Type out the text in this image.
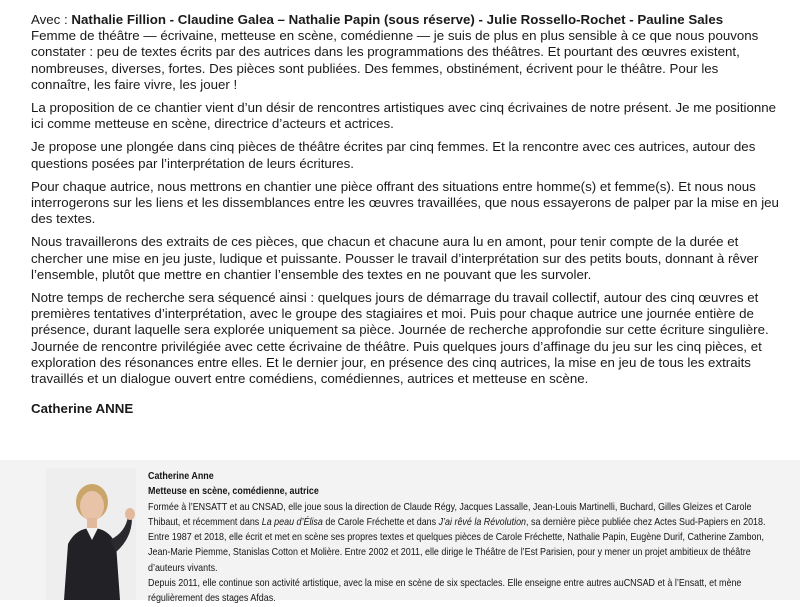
Avec : Nathalie Fillion - Claudine Galea – Nathalie Papin (sous réserve) - Julie Rossello-Rochet - Pauline Sales

Femme de théâtre — écrivaine, metteuse en scène, comédienne — je suis de plus en plus sensible à ce que nous pouvons constater : peu de textes écrits par des autrices dans les programmations des théâtres. Et pourtant des œuvres existent, nombreuses, diverses, fortes. Des pièces sont publiées. Des femmes, obstinément, écrivent pour le théâtre. Pour les connaître, les faire vivre, les jouer !

La proposition de ce chantier vient d’un désir de rencontres artistiques avec cinq écrivaines de notre présent. Je me positionne ici comme metteuse en scène, directrice d’acteurs et actrices.

Je propose une plongée dans cinq pièces de théâtre écrites par cinq femmes. Et la rencontre avec ces autrices, autour des questions posées par l’interprétation de leurs écritures.

Pour chaque autrice, nous mettrons en chantier une pièce offrant des situations entre homme(s) et femme(s). Et nous nous interrogerons sur les liens et les dissemblances entre les œuvres travaillées, que nous essayerons de palper par la mise en jeu des textes.

Nous travaillerons des extraits de ces pièces, que chacun et chacune aura lu en amont, pour tenir compte de la durée et chercher une mise en jeu juste, ludique et puissante. Pousser le travail d’interprétation sur des petits bouts, donnant à rêver l’ensemble, plutôt que mettre en chantier l’ensemble des textes en ne pouvant que les survoler.

Notre temps de recherche sera séquencé ainsi : quelques jours de démarrage du travail collectif, autour des cinq œuvres et premières tentatives d’interprétation, avec le groupe des stagiaires et moi. Puis pour chaque autrice une journée entière de présence, durant laquelle sera explorée uniquement sa pièce. Journée de recherche approfondie sur cette écriture singulière. Journée de rencontre privilégiée avec cette écrivaine de théâtre. Puis quelques jours d’affinage du jeu sur les cinq pièces, et exploration des résonances entre elles. Et le dernier jour, en présence des cinq autrices, la mise en jeu de tous les extraits travaillés et un dialogue ouvert entre comédiens, comédiennes, autrices et metteuse en scène.

Catherine ANNE

Catherine Anne
Metteuse en scène, comédienne, autrice

Formée à l’ENSATT et au CNSAD, elle joue sous la direction de Claude Régy, Jacques Lassalle, Jean-Louis Martinelli, Buchard, Gilles Gleizes et Carole Thibaut, et récemment dans La peau d’Élisa de Carole Fréchette et dans J’ai rêvé la Révolution, sa dernière pièce publiée chez Actes Sud-Papiers en 2018. Entre 1987 et 2018, elle écrit et met en scène ses propres textes et quelques pièces de Carole Fréchette, Nathalie Papin, Eugène Durif, Catherine Zambon, Jean-Marie Piemme, Stanislas Cotton et Molière. Entre 2002 et 2011, elle dirige le Théâtre de l’Est Parisien, pour y mener un projet ambitieux de théâtre d’auteurs vivants.

Depuis 2011, elle continue son activité artistique, avec la mise en scène de six spectacles. Elle enseigne entre autres auCNSAD et à l’Ensatt, et mène régulièrement des stages Afdas.
